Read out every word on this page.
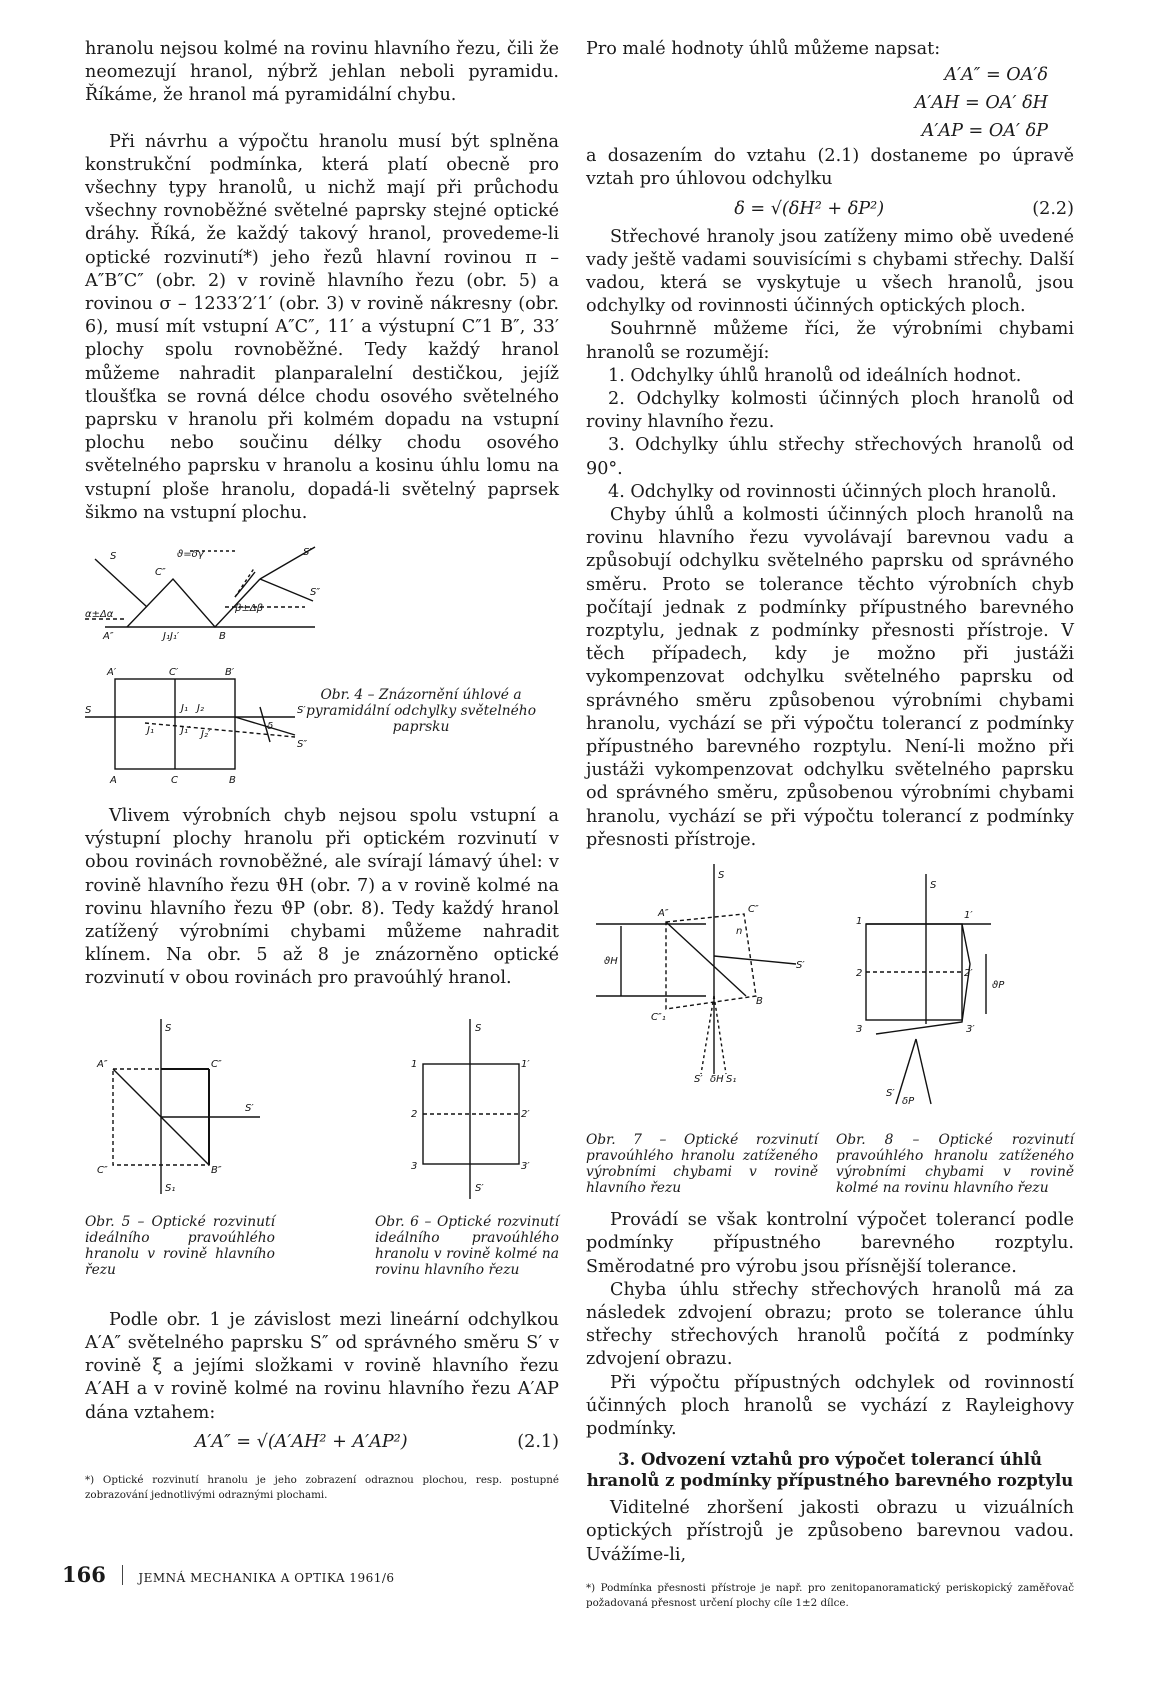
hranolu nejsou kolmé na rovinu hlavního řezu, čili že neomezují hranol, nýbrž jehlan neboli pyramidu. Říkáme, že hranol má pyramidální chybu.

Při návrhu a výpočtu hranolu musí být splněna konstrukční podmínka, která platí obecně pro všechny typy hranolů, u nichž mají při průchodu všechny rovnoběžné světelné paprsky stejné optické dráhy. Říká, že každý takový hranol, provedeme-li optické rozvinutí*) jeho řezů hlavní rovinou π – A″B″C″ (obr. 2) v rovině hlavního řezu (obr. 5) a rovinou σ – 1233′2′1′ (obr. 3) v rovině nákresny (obr. 6), musí mít vstupní A″C″, 11′ a výstupní C″1 B″, 33′ plochy spolu rovnoběžné. Tedy každý hranol můžeme nahradit planparalelní destičkou, jejíž tloušťka se rovná délce chodu osového světelného paprsku v hranolu při kolmém dopadu na vstupní plochu nebo součinu délky chodu osového světelného paprsku v hranolu a kosinu úhlu lomu na vstupní ploše hranolu, dopadá-li světelný paprsek šikmo na vstupní plochu.

S
C″
ϑ=δγ	S′
S″
α±Δα
β±Δβ
A″	J₁J₁′	B
A′	C′	B′
S	J₁ J₂	S′
J₁	J₁′ J₂′
S″
δ
A	C	B
Obr. 4 – Znázornění úhlové a pyramidální odchylky světelného paprsku

Vlivem výrobních chyb nejsou spolu vstupní a výstupní plochy hranolu při optickém rozvinutí v obou rovinách rovnoběžné, ale svírají lámavý úhel: v rovině hlavního řezu ϑH (obr. 7) a v rovině kolmé na rovinu hlavního řezu ϑP (obr. 8). Tedy každý hranol zatížený výrobními chybami můžeme nahradit klínem. Na obr. 5 až 8 je znázorněno optické rozvinutí v obou rovinách pro pravoúhlý hranol.

S
A″	C″
S′
C″	B″
S₁
S
1	1′
2	2′
3	3′
S′
Obr. 5 – Optické rozvinutí ideálního pravoúhlého hranolu v rovině hlavního řezu
Obr. 6 – Optické rozvinutí ideálního pravoúhlého hranolu v rovině kolmé na rovinu hlavního řezu

Podle obr. 1 je závislost mezi lineární odchylkou A′A″ světelného paprsku S″ od správného směru S′ v rovině ξ a jejími složkami v rovině hlavního řezu A′AH a v rovině kolmé na rovinu hlavního řezu A′AP dána vztahem:

A′A″ = √(A′AH² + A′AP²)	(2.1)
*) Optické rozvinutí hranolu je jeho zobrazení odraznou plochou, resp. postupné zobrazování jednotlivými odraznými plochami.

Pro malé hodnoty úhlů můžeme napsat:

A′A″ = OA′δ
A′AH = OA′ δH
A′AP = OA′ δP

a dosazením do vztahu (2.1) dostaneme po úpravě vztah pro úhlovou odchylku

δ = √(δH² + δP²)	(2.2)

Střechové hranoly jsou zatíženy mimo obě uvedené vady ještě vadami souvisícími s chybami střechy. Další vadou, která se vyskytuje u všech hranolů, jsou odchylky od rovinnosti účinných optických ploch.

Souhrnně můžeme říci, že výrobními chybami hranolů se rozumějí:

1. Odchylky úhlů hranolů od ideálních hodnot.

2. Odchylky kolmosti účinných ploch hranolů od roviny hlavního řezu.

3. Odchylky úhlu střechy střechových hranolů od 90°.

4. Odchylky od rovinnosti účinných ploch hranolů.

Chyby úhlů a kolmosti účinných ploch hranolů na rovinu hlavního řezu vyvolávají barevnou vadu a způsobují odchylku světelného paprsku od správného směru. Proto se tolerance těchto výrobních chyb počítají jednak z podmínky přípustného barevného rozptylu, jednak z podmínky přesnosti přístroje. V těch případech, kdy je možno při justáži vykompenzovat odchylku světelného paprsku od správného směru způsobenou výrobními chybami hranolu, vychází se při výpočtu tolerancí z podmínky přípustného barevného rozptylu. Není-li možno při justáži vykompenzovat odchylku světelného paprsku od správného směru, způsobenou výrobními chybami hranolu, vychází se při výpočtu tolerancí z podmínky přesnosti přístroje.

S
A″	C″
n
ϑH	S′
C″₁
B
S′ δH S₁
S
1
1′
2	2′
3	3′
ϑP
S′
δP
Obr. 7 – Optické rozvinutí pravoúhlého hranolu zatíženého výrobními chybami v rovině hlavního řezu
Obr. 8 – Optické rozvinutí pravoúhlého hranolu zatíženého výrobními chybami v rovině kolmé na rovinu hlavního řezu

Provádí se však kontrolní výpočet tolerancí podle podmínky přípustného barevného rozptylu. Směrodatné pro výrobu jsou přísnější tolerance.

Chyba úhlu střechy střechových hranolů má za následek zdvojení obrazu; proto se tolerance úhlu střechy střechových hranolů počítá z podmínky zdvojení obrazu.

Při výpočtu přípustných odchylek od rovinností účinných ploch hranolů se vychází z Rayleighovy podmínky.

3. Odvození vztahů pro výpočet tolerancí úhlů hranolů z podmínky přípustného barevného rozptylu

Viditelné zhoršení jakosti obrazu u vizuálních optických přístrojů je způsobeno barevnou vadou. Uvážíme-li,

*) Podmínka přesnosti přístroje je např. pro zenitopanoramatický periskopický zaměřovač požadovaná přesnost určení plochy cíle 1±2 dílce.
166	JEMNÁ MECHANIKA A OPTIKA 1961/6
